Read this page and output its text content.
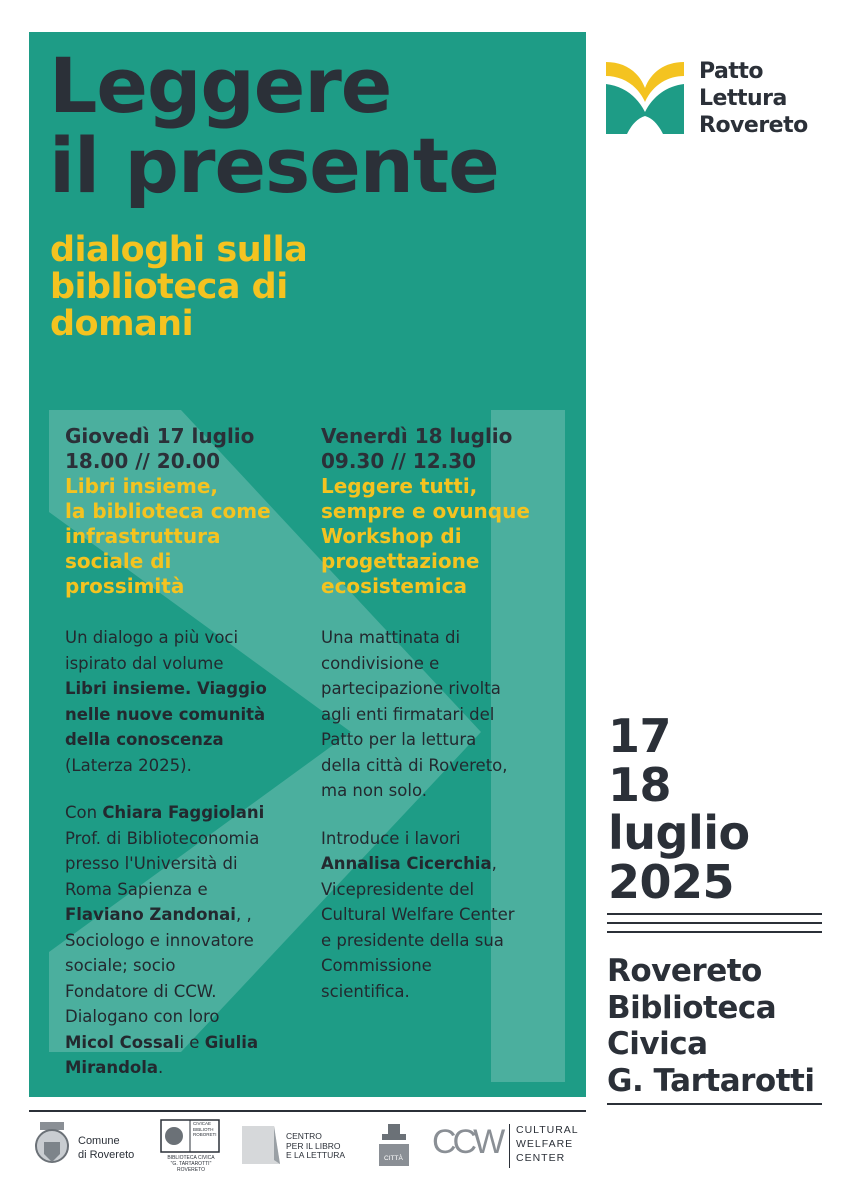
Leggere
il presente
dialoghi sulla
biblioteca di
domani
Giovedì 17 luglio
18.00 // 20.00
Libri insieme,
la biblioteca come
infrastruttura
sociale di
prossimità
Un dialogo a più voci
ispirato dal volume
Libri insieme. Viaggio
nelle nuove comunità
della conoscenza
(Laterza 2025).
Con Chiara Faggiolani
Prof. di Biblioteconomia
presso l'Università di
Roma Sapienza e
Flaviano Zandonai, ,
Sociologo e innovatore
sociale; socio
Fondatore di CCW.
Dialogano con loro
Micol Cossali e Giulia
Mirandola.
Venerdì 18 luglio
09.30 // 12.30
Leggere tutti,
sempre e ovunque
Workshop di
progettazione
ecosistemica
Una mattinata di
condivisione e
partecipazione rivolta
agli enti firmatari del
Patto per la lettura
della città di Rovereto,
ma non solo.
Introduce i lavori
Annalisa Cicerchia,
Vicepresidente del
Cultural Welfare Center
e presidente della sua
Commissione
scientifica.
Patto
Lettura
Rovereto
17
18
luglio
2025
Rovereto
Biblioteca
Civica
G. Tartarotti
Comune
di Rovereto
CIVICAE
BIBLIOTH
ROBORETI
BIBLIOTECA CIVICA
"G. TARTAROTTI"
ROVERETO
CENTRO
PER IL LIBRO
E LA LETTURA	CITTÀ CCW CULTURAL
WELFARE
CENTER
